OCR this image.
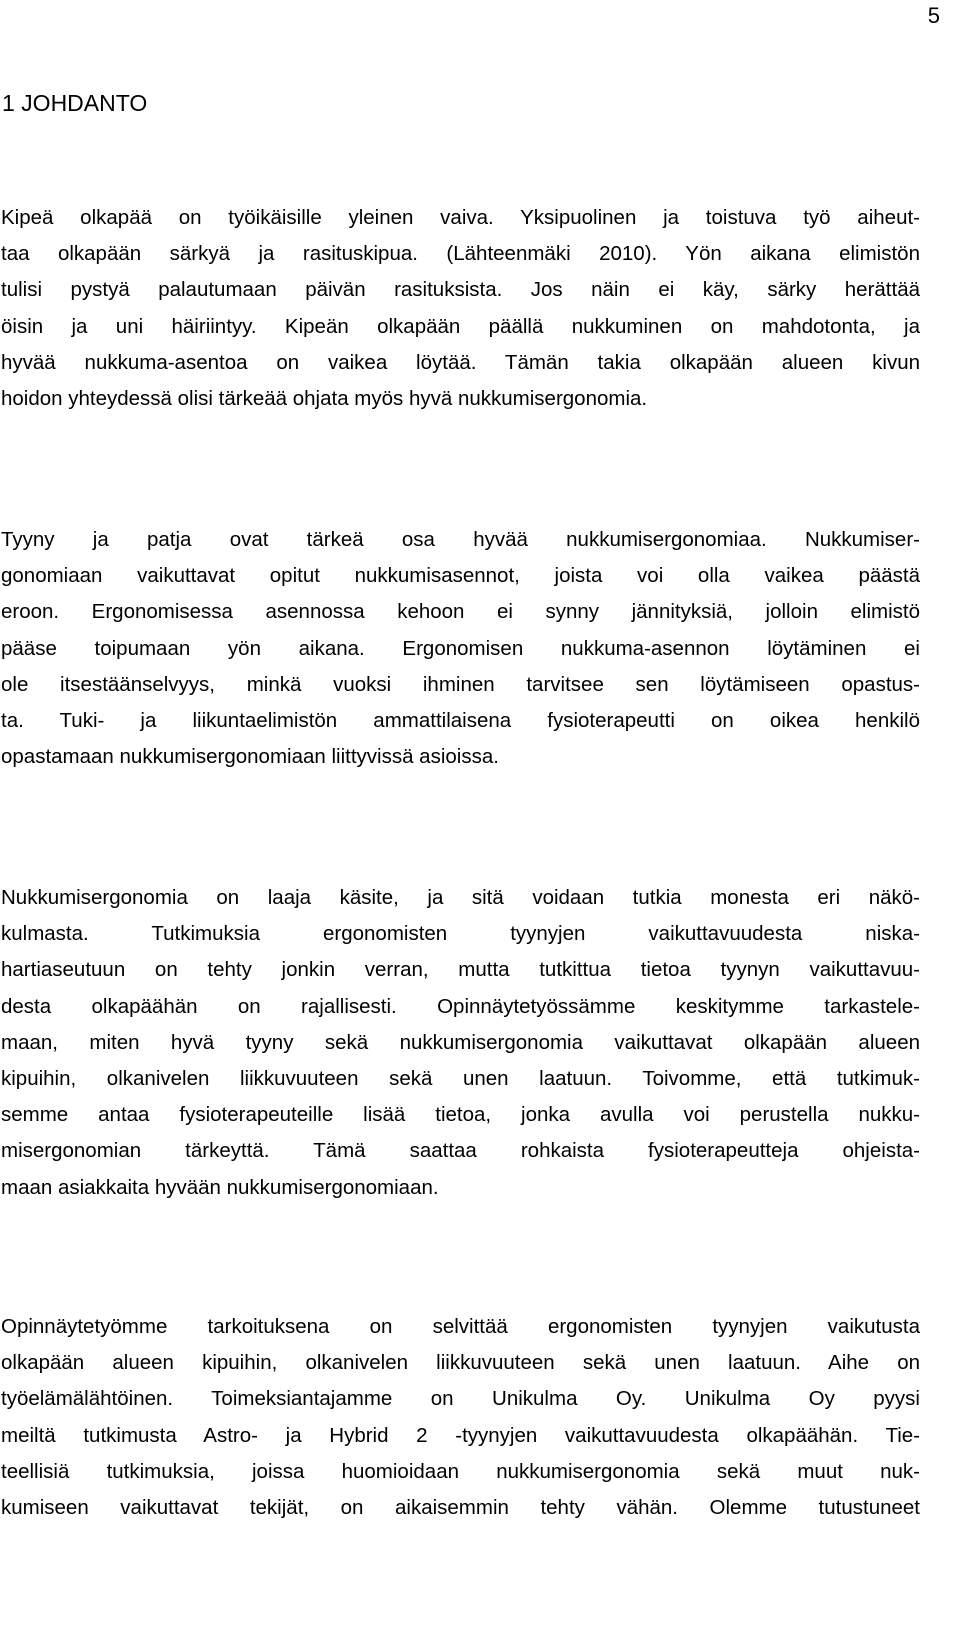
5
1 JOHDANTO
Kipeä olkapää on työikäisille yleinen vaiva. Yksipuolinen ja toistuva työ aiheut-
taa olkapään särkyä ja rasituskipua. (Lähteenmäki 2010). Yön aikana elimistön
tulisi pystyä palautumaan päivän rasituksista. Jos näin ei käy, särky herättää
öisin ja uni häiriintyy. Kipeän olkapään päällä nukkuminen on mahdotonta, ja
hyvää nukkuma-asentoa on vaikea löytää. Tämän takia olkapään alueen kivun
hoidon yhteydessä olisi tärkeää ohjata myös hyvä nukkumisergonomia.
Tyyny ja patja ovat tärkeä osa hyvää nukkumisergonomiaa. Nukkumiser-
gonomiaan vaikuttavat opitut nukkumisasennot, joista voi olla vaikea päästä
eroon. Ergonomisessa asennossa kehoon ei synny jännityksiä, jolloin elimistö
pääse toipumaan yön aikana. Ergonomisen nukkuma-asennon löytäminen ei
ole itsestäänselvyys, minkä vuoksi ihminen tarvitsee sen löytämiseen opastus-
ta. Tuki- ja liikuntaelimistön ammattilaisena fysioterapeutti on oikea henkilö
opastamaan nukkumisergonomiaan liittyvissä asioissa.
Nukkumisergonomia on laaja käsite, ja sitä voidaan tutkia monesta eri näkö-
kulmasta. Tutkimuksia ergonomisten tyynyjen vaikuttavuudesta niska-
hartiaseutuun on tehty jonkin verran, mutta tutkittua tietoa tyynyn vaikuttavuu-
desta olkapäähän on rajallisesti. Opinnäytetyössämme keskitymme tarkastele-
maan, miten hyvä tyyny sekä nukkumisergonomia vaikuttavat olkapään alueen
kipuihin, olkanivelen liikkuvuuteen sekä unen laatuun. Toivomme, että tutkimuk-
semme antaa fysioterapeuteille lisää tietoa, jonka avulla voi perustella nukku-
misergonomian tärkeyttä. Tämä saattaa rohkaista fysioterapeutteja ohjeista-
maan asiakkaita hyvään nukkumisergonomiaan.
Opinnäytetyömme tarkoituksena on selvittää ergonomisten tyynyjen vaikutusta
olkapään alueen kipuihin, olkanivelen liikkuvuuteen sekä unen laatuun. Aihe on
työelämälähtöinen. Toimeksiantajamme on Unikulma Oy. Unikulma Oy pyysi
meiltä tutkimusta Astro- ja Hybrid 2 -tyynyjen vaikuttavuudesta olkapäähän. Tie-
teellisiä tutkimuksia, joissa huomioidaan nukkumisergonomia sekä muut nuk-
kumiseen vaikuttavat tekijät, on aikaisemmin tehty vähän. Olemme tutustuneet
